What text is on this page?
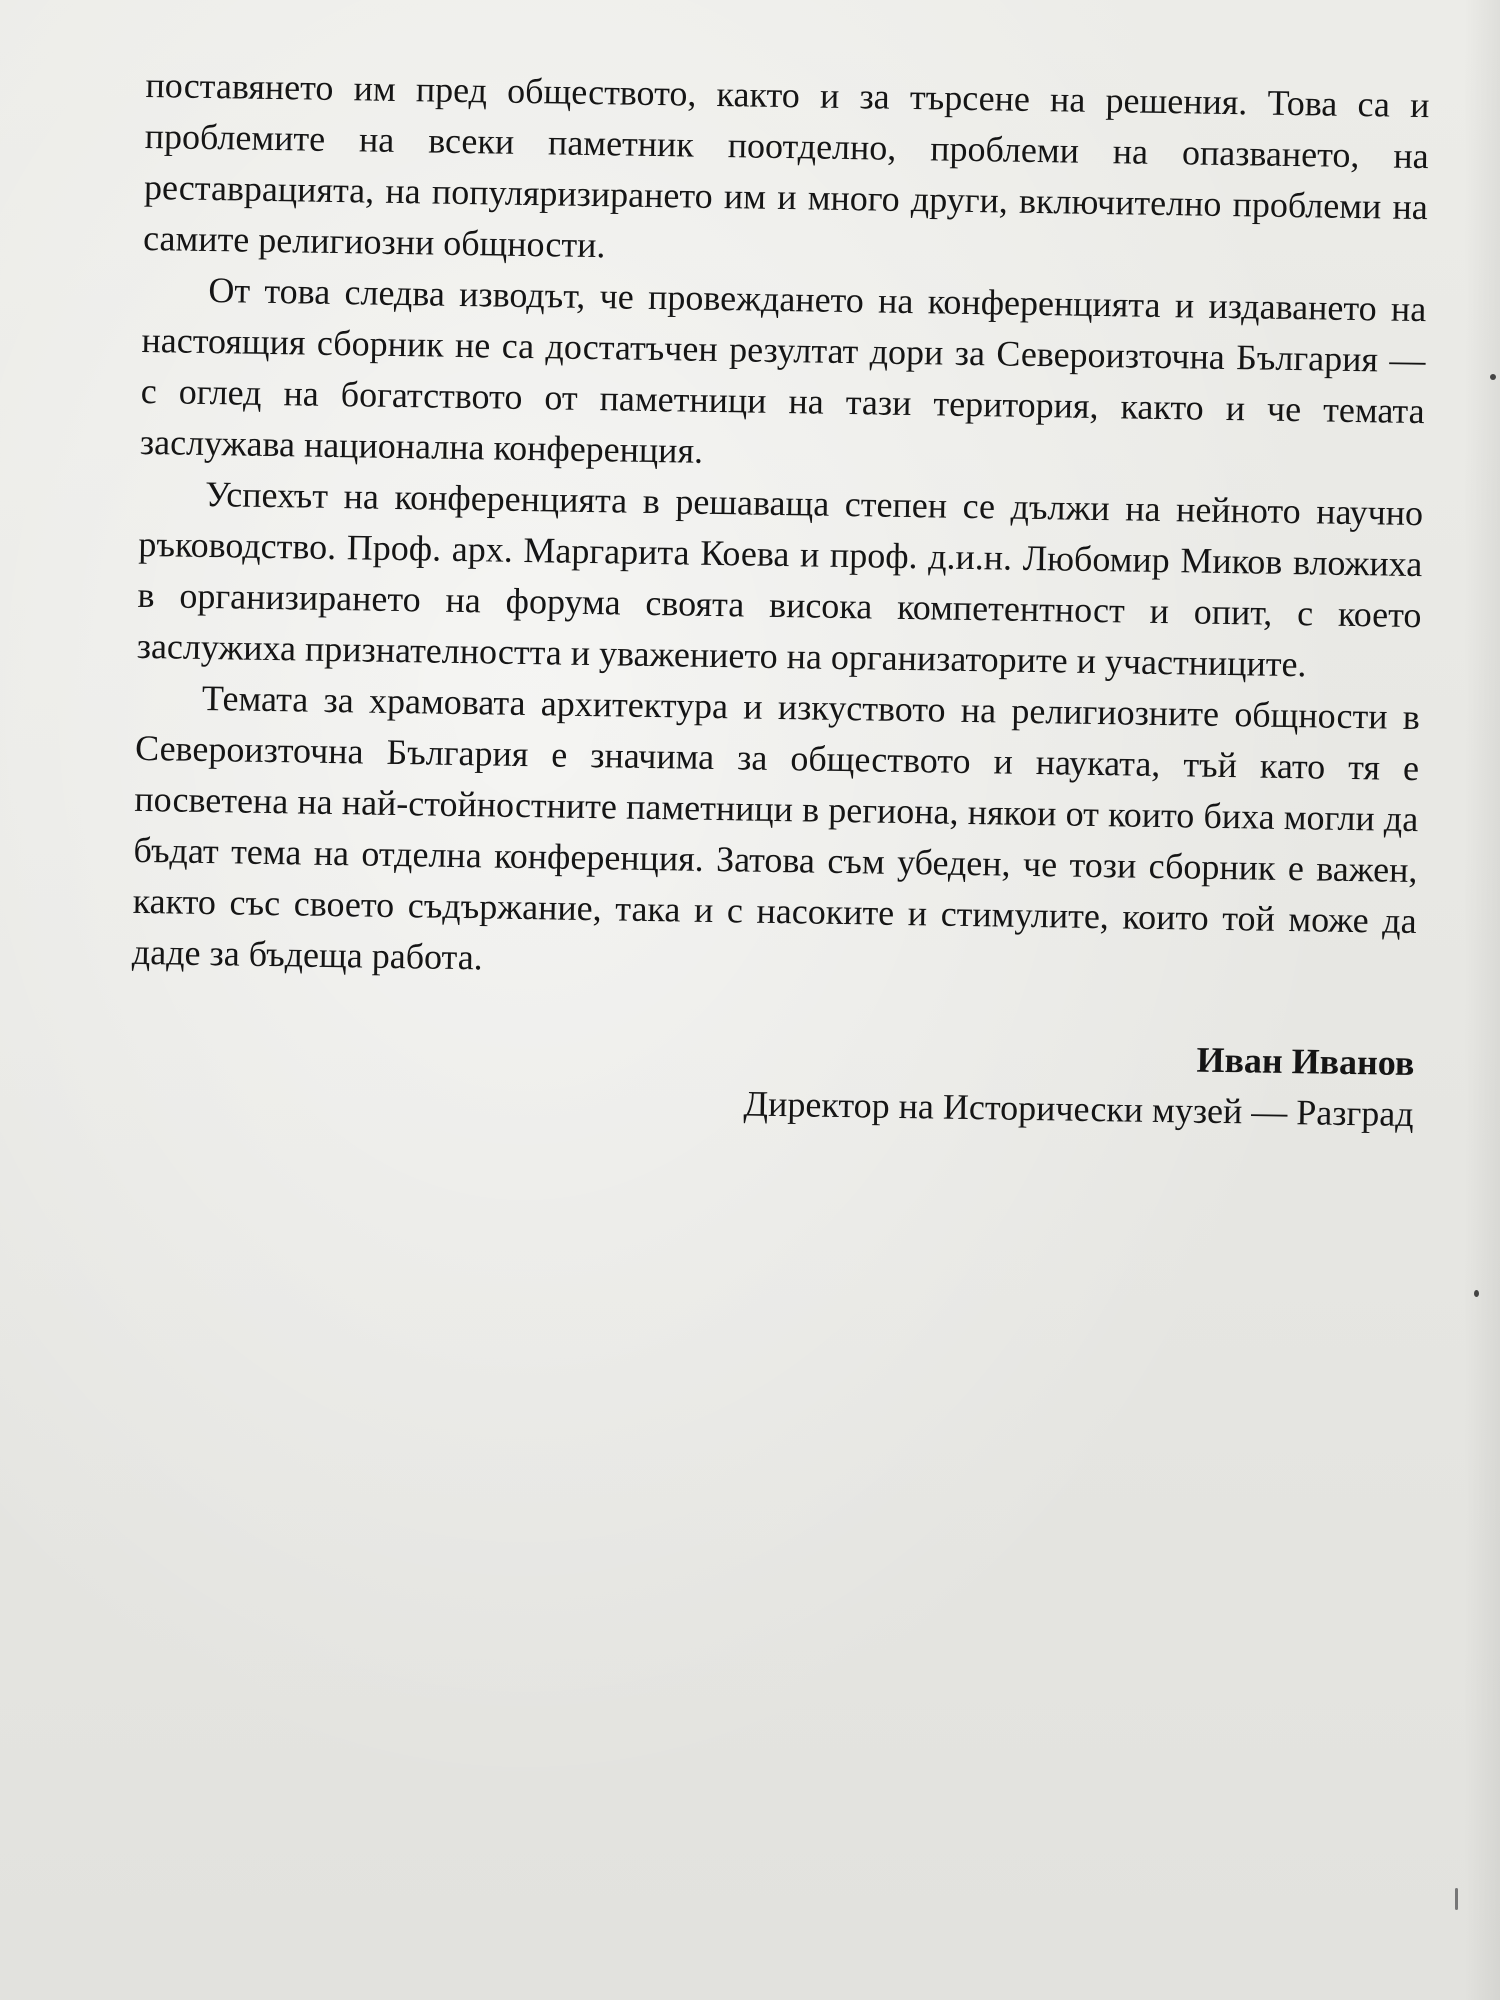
поставянето им пред обществото, както и за търсене на решения. Това са и проблемите на всеки паметник поотделно, проблеми на опазването, на реставрацията, на популяризирането им и много други, включително проблеми на самите религиозни общности.

От това следва изводът, че провеждането на конференцията и издаването на настоящия сборник не са достатъчен резултат дори за Североизточна България — с оглед на богатството от паметници на тази територия, както и че темата заслужава национална конференция.

Успехът на конференцията в решаваща степен се дължи на нейното научно ръководство. Проф. арх. Маргарита Коева и проф. д.и.н. Любомир Миков вложиха в организирането на форума своята висока компетентност и опит, с което заслужиха признателността и уважението на организаторите и участниците.

Темата за храмовата архитектура и изкуството на религиозните общности в Североизточна България е значима за обществото и науката, тъй като тя е посветена на най-стойностните паметници в региона, някои от които биха могли да бъдат тема на отделна конференция. Затова съм убеден, че този сборник е важен, както със своето съдържание, така и с насоките и стимулите, които той може да даде за бъдеща работа.

Иван Иванов
Директор на Исторически музей — Разград
